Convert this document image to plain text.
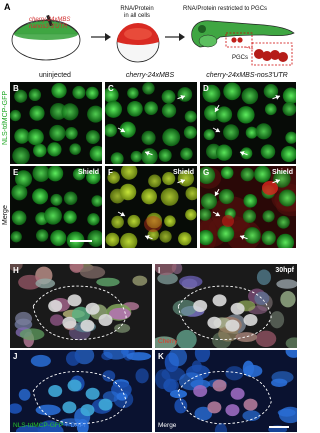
A
cherry-24xMBS
nanos3-3'UTR
RNA/Protein
in all cells
RNA/Protein restricted to PGCs
PGCs
uninjected	cherry-24xMBS	cherry-24xMBS-nos3'UTR
NLS-tdMCP-GFP
Merge
B	C	D
E	Shield F	Shield G	Shield
H	I	30hpf
Cherry
J
NLS-tdMCP-GFP + DAPI
K
Merge
